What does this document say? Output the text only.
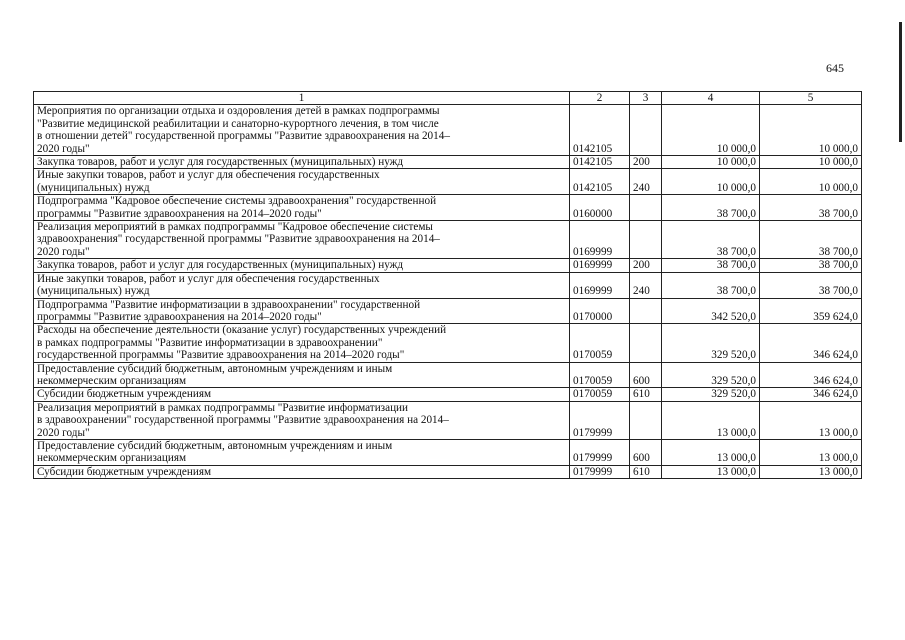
645
1	2	3	4	5
Мероприятия по организации отдыха и оздоровления детей в рамках подпрограммы
"Развитие медицинской реабилитации и санаторно-курортного лечения, в том числе
в отношении детей" государственной программы "Развитие здравоохранения на 2014–
2020 годы"	0142105		10 000,0	10 000,0
Закупка товаров, работ и услуг для государственных (муниципальных) нужд	0142105	200	10 000,0	10 000,0
Иные закупки товаров, работ и услуг для обеспечения государственных
(муниципальных) нужд	0142105	240	10 000,0	10 000,0
Подпрограмма "Кадровое обеспечение системы здравоохранения" государственной
программы "Развитие здравоохранения на 2014–2020 годы"	0160000		38 700,0	38 700,0
Реализация мероприятий в рамках подпрограммы "Кадровое обеспечение системы
здравоохранения" государственной программы "Развитие здравоохранения на 2014–
2020 годы"	0169999		38 700,0	38 700,0
Закупка товаров, работ и услуг для государственных (муниципальных) нужд	0169999	200	38 700,0	38 700,0
Иные закупки товаров, работ и услуг для обеспечения государственных
(муниципальных) нужд	0169999	240	38 700,0	38 700,0
Подпрограмма "Развитие информатизации в здравоохранении" государственной
программы "Развитие здравоохранения на 2014–2020 годы"	0170000		342 520,0	359 624,0
Расходы на обеспечение деятельности (оказание услуг) государственных учреждений
в рамках подпрограммы "Развитие информатизации в здравоохранении"
государственной программы "Развитие здравоохранения на 2014–2020 годы"	0170059		329 520,0	346 624,0
Предоставление субсидий бюджетным, автономным учреждениям и иным
некоммерческим организациям	0170059	600	329 520,0	346 624,0
Субсидии бюджетным учреждениям	0170059	610	329 520,0	346 624,0
Реализация мероприятий в рамках подпрограммы "Развитие информатизации
в здравоохранении" государственной программы "Развитие здравоохранения на 2014–
2020 годы"	0179999		13 000,0	13 000,0
Предоставление субсидий бюджетным, автономным учреждениям и иным
некоммерческим организациям	0179999	600	13 000,0	13 000,0
Субсидии бюджетным учреждениям	0179999	610	13 000,0	13 000,0
